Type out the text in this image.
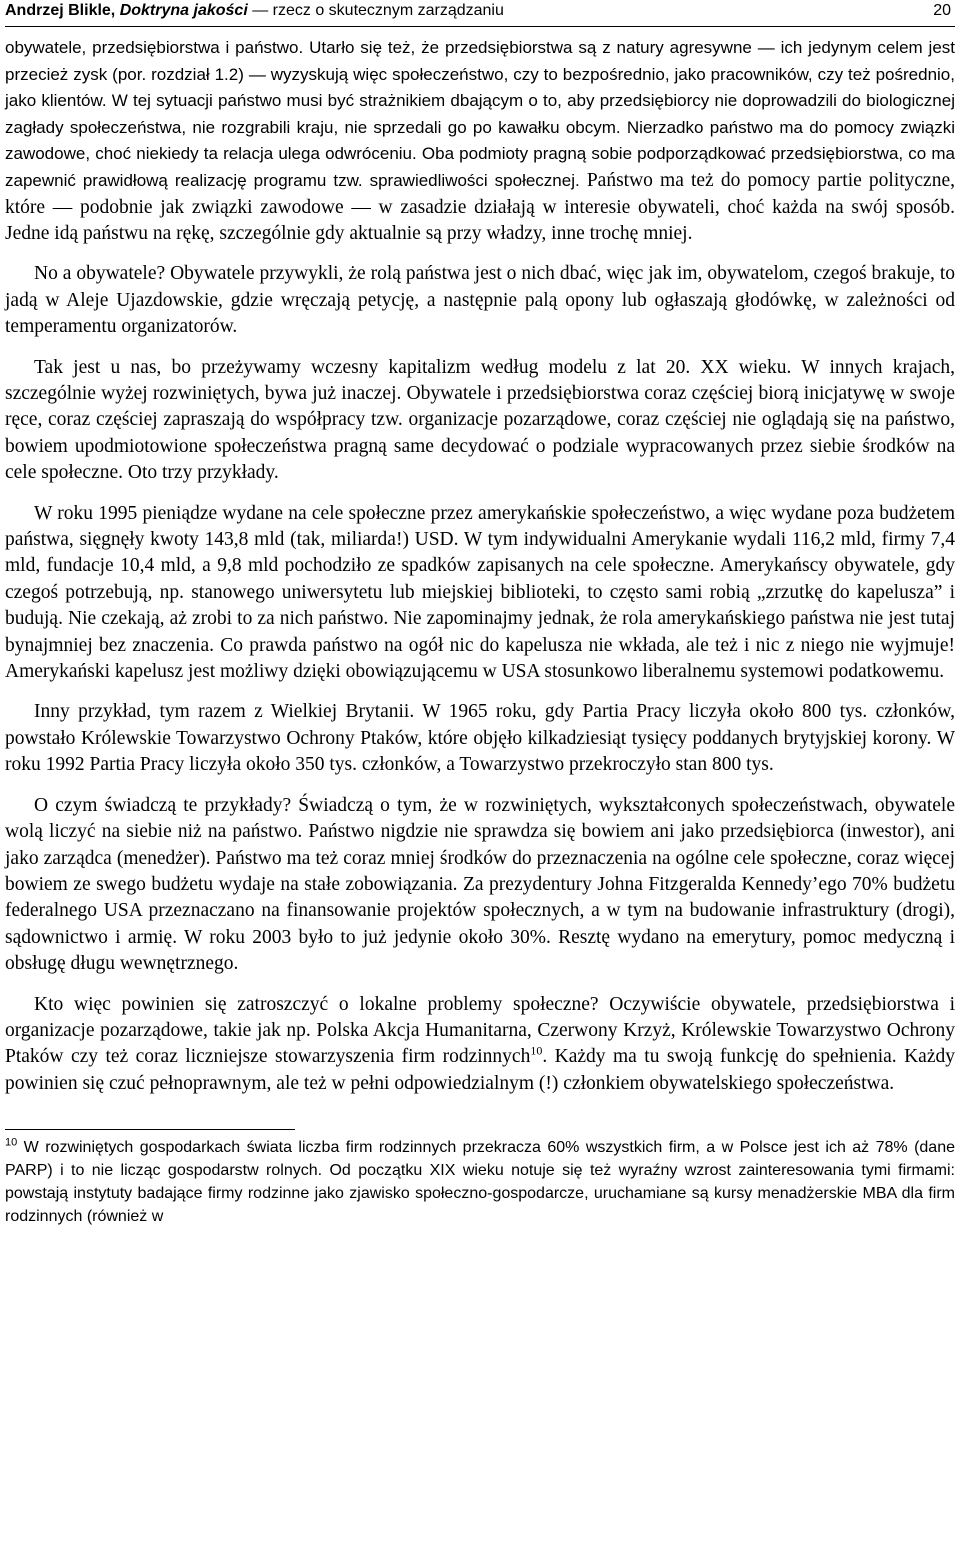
Andrzej Blikle, Doktryna jakości — rzecz o skutecznym zarządzaniu	20

obywatele, przedsiębiorstwa i państwo. Utarło się też, że przedsiębiorstwa są z natury agresywne — ich jedynym celem jest przecież zysk (por. rozdział 1.2) — wyzyskują więc społeczeństwo, czy to bezpośrednio, jako pracowników, czy też pośrednio, jako klientów. W tej sytuacji państwo musi być strażnikiem dbającym o to, aby przedsiębiorcy nie doprowadzili do biologicznej zagłady społeczeństwa, nie rozgrabili kraju, nie sprzedali go po kawałku obcym. Nierzadko państwo ma do pomocy związki zawodowe, choć niekiedy ta relacja ulega odwróceniu. Oba podmioty pragną sobie podporządkować przedsiębiorstwa, co ma zapewnić prawidłową realizację programu tzw. sprawiedliwości społecznej. Państwo ma też do pomocy partie polityczne, które — podobnie jak związki zawodowe — w zasadzie działają w interesie obywateli, choć każda na swój sposób. Jedne idą państwu na rękę, szczególnie gdy aktualnie są przy władzy, inne trochę mniej.

No a obywatele? Obywatele przywykli, że rolą państwa jest o nich dbać, więc jak im, obywatelom, czegoś brakuje, to jadą w Aleje Ujazdowskie, gdzie wręczają petycję, a następnie palą opony lub ogłaszają głodówkę, w zależności od temperamentu organizatorów.

Tak jest u nas, bo przeżywamy wczesny kapitalizm według modelu z lat 20. XX wieku. W innych krajach, szczególnie wyżej rozwiniętych, bywa już inaczej. Obywatele i przedsiębiorstwa coraz częściej biorą inicjatywę w swoje ręce, coraz częściej zapraszają do współpracy tzw. organizacje pozarządowe, coraz częściej nie oglądają się na państwo, bowiem upodmiotowione społeczeństwa pragną same decydować o podziale wypracowanych przez siebie środków na cele społeczne. Oto trzy przykłady.

W roku 1995 pieniądze wydane na cele społeczne przez amerykańskie społeczeństwo, a więc wydane poza budżetem państwa, sięgnęły kwoty 143,8 mld (tak, miliarda!) USD. W tym indywidualni Amerykanie wydali 116,2 mld, firmy 7,4 mld, fundacje 10,4 mld, a 9,8 mld pochodziło ze spadków zapisanych na cele społeczne. Amerykańscy obywatele, gdy czegoś potrzebują, np. stanowego uniwersytetu lub miejskiej biblioteki, to często sami robią „zrzutkę do kapelusza” i budują. Nie czekają, aż zrobi to za nich państwo. Nie zapominajmy jednak, że rola amerykańskiego państwa nie jest tutaj bynajmniej bez znaczenia. Co prawda państwo na ogół nic do kapelusza nie wkłada, ale też i nic z niego nie wyjmuje! Amerykański kapelusz jest możliwy dzięki obowiązującemu w USA stosunkowo liberalnemu systemowi podatkowemu.

Inny przykład, tym razem z Wielkiej Brytanii. W 1965 roku, gdy Partia Pracy liczyła około 800 tys. członków, powstało Królewskie Towarzystwo Ochrony Ptaków, które objęło kilkadziesiąt tysięcy poddanych brytyjskiej korony. W roku 1992 Partia Pracy liczyła około 350 tys. członków, a Towarzystwo przekroczyło stan 800 tys.

O czym świadczą te przykłady? Świadczą o tym, że w rozwiniętych, wykształconych społeczeństwach, obywatele wolą liczyć na siebie niż na państwo. Państwo nigdzie nie sprawdza się bowiem ani jako przedsiębiorca (inwestor), ani jako zarządca (menedżer). Państwo ma też coraz mniej środków do przeznaczenia na ogólne cele społeczne, coraz więcej bowiem ze swego budżetu wydaje na stałe zobowiązania. Za prezydentury Johna Fitzgeralda Kennedy’ego 70% budżetu federalnego USA przeznaczano na finansowanie projektów społecznych, a w tym na budowanie infrastruktury (drogi), sądownictwo i armię. W roku 2003 było to już jedynie około 30%. Resztę wydano na emerytury, pomoc medyczną i obsługę długu wewnętrznego.

Kto więc powinien się zatroszczyć o lokalne problemy społeczne? Oczywiście obywatele, przedsiębiorstwa i organizacje pozarządowe, takie jak np. Polska Akcja Humanitarna, Czerwony Krzyż, Królewskie Towarzystwo Ochrony Ptaków czy też coraz liczniejsze stowarzyszenia firm rodzinnych$^{10}$. Każdy ma tu swoją funkcję do spełnienia. Każdy powinien się czuć pełnoprawnym, ale też w pełni odpowiedzialnym (!) członkiem obywatelskiego społeczeństwa.

$^{10}$ W rozwiniętych gospodarkach świata liczba firm rodzinnych przekracza 60% wszystkich firm, a w Polsce jest ich aż 78% (dane PARP) i to nie licząc gospodarstw rolnych. Od początku XIX wieku notuje się też wyraźny wzrost zainteresowania tymi firmami: powstają instytuty badające firmy rodzinne jako zjawisko społeczno-gospodarcze, uruchamiane są kursy menadżerskie MBA dla firm rodzinnych (również w
